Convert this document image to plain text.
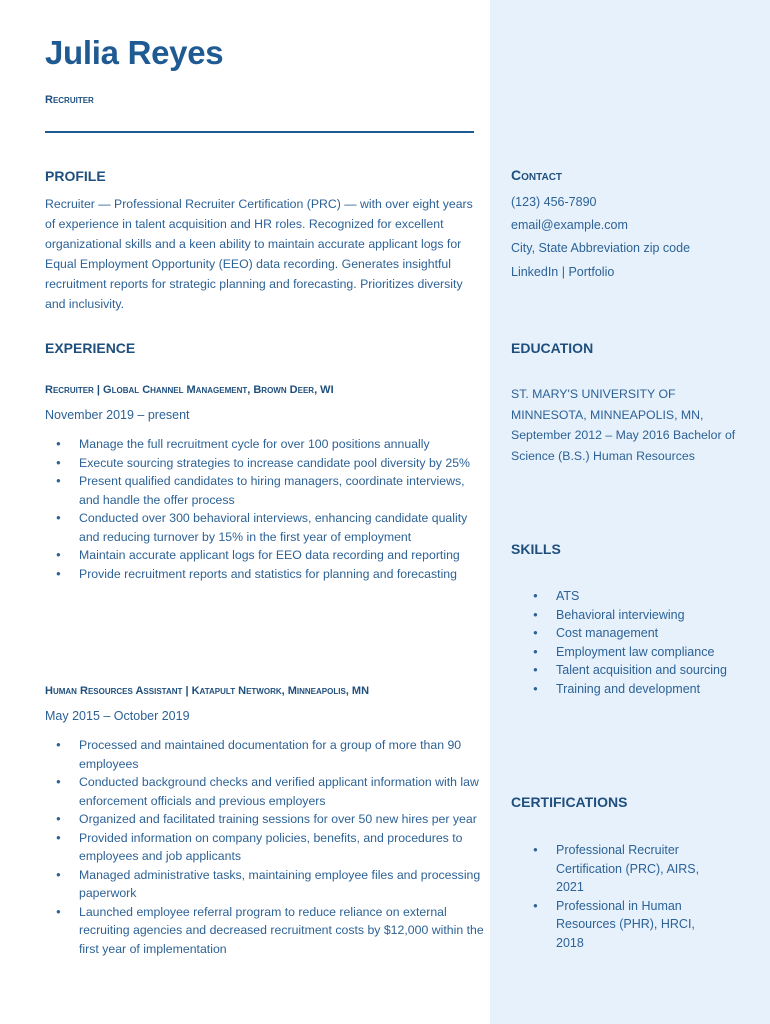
Julia Reyes
Recruiter
PROFILE
Recruiter — Professional Recruiter Certification (PRC) — with over eight years of experience in talent acquisition and HR roles. Recognized for excellent organizational skills and a keen ability to maintain accurate applicant logs for Equal Employment Opportunity (EEO) data recording. Generates insightful recruitment reports for strategic planning and forecasting. Prioritizes diversity and inclusivity.
EXPERIENCE
Recruiter | Global Channel Management, Brown Deer, WI
November 2019 – present
● Manage the full recruitment cycle for over 100 positions annually
● Execute sourcing strategies to increase candidate pool diversity by 25%
● Present qualified candidates to hiring managers, coordinate interviews, and handle the offer process
● Conducted over 300 behavioral interviews, enhancing candidate quality and reducing turnover by 15% in the first year of employment
● Maintain accurate applicant logs for EEO data recording and reporting
● Provide recruitment reports and statistics for planning and forecasting
Human Resources Assistant | Katapult Network, Minneapolis, MN
May 2015 – October 2019
● Processed and maintained documentation for a group of more than 90 employees
● Conducted background checks and verified applicant information with law enforcement officials and previous employers
● Organized and facilitated training sessions for over 50 new hires per year
● Provided information on company policies, benefits, and procedures to employees and job applicants
● Managed administrative tasks, maintaining employee files and processing paperwork
● Launched employee referral program to reduce reliance on external recruiting agencies and decreased recruitment costs by $12,000 within the first year of implementation
Contact
(123) 456-7890
email@example.com
City, State Abbreviation zip code
LinkedIn | Portfolio
EDUCATION
ST. MARY'S UNIVERSITY OF MINNESOTA, MINNEAPOLIS, MN, September 2012 – May 2016 Bachelor of Science (B.S.) Human Resources
SKILLS
● ATS
● Behavioral interviewing
● Cost management
● Employment law compliance
● Talent acquisition and sourcing
● Training and development
CERTIFICATIONS
● Professional Recruiter Certification (PRC), AIRS, 2021
● Professional in Human Resources (PHR), HRCI, 2018
